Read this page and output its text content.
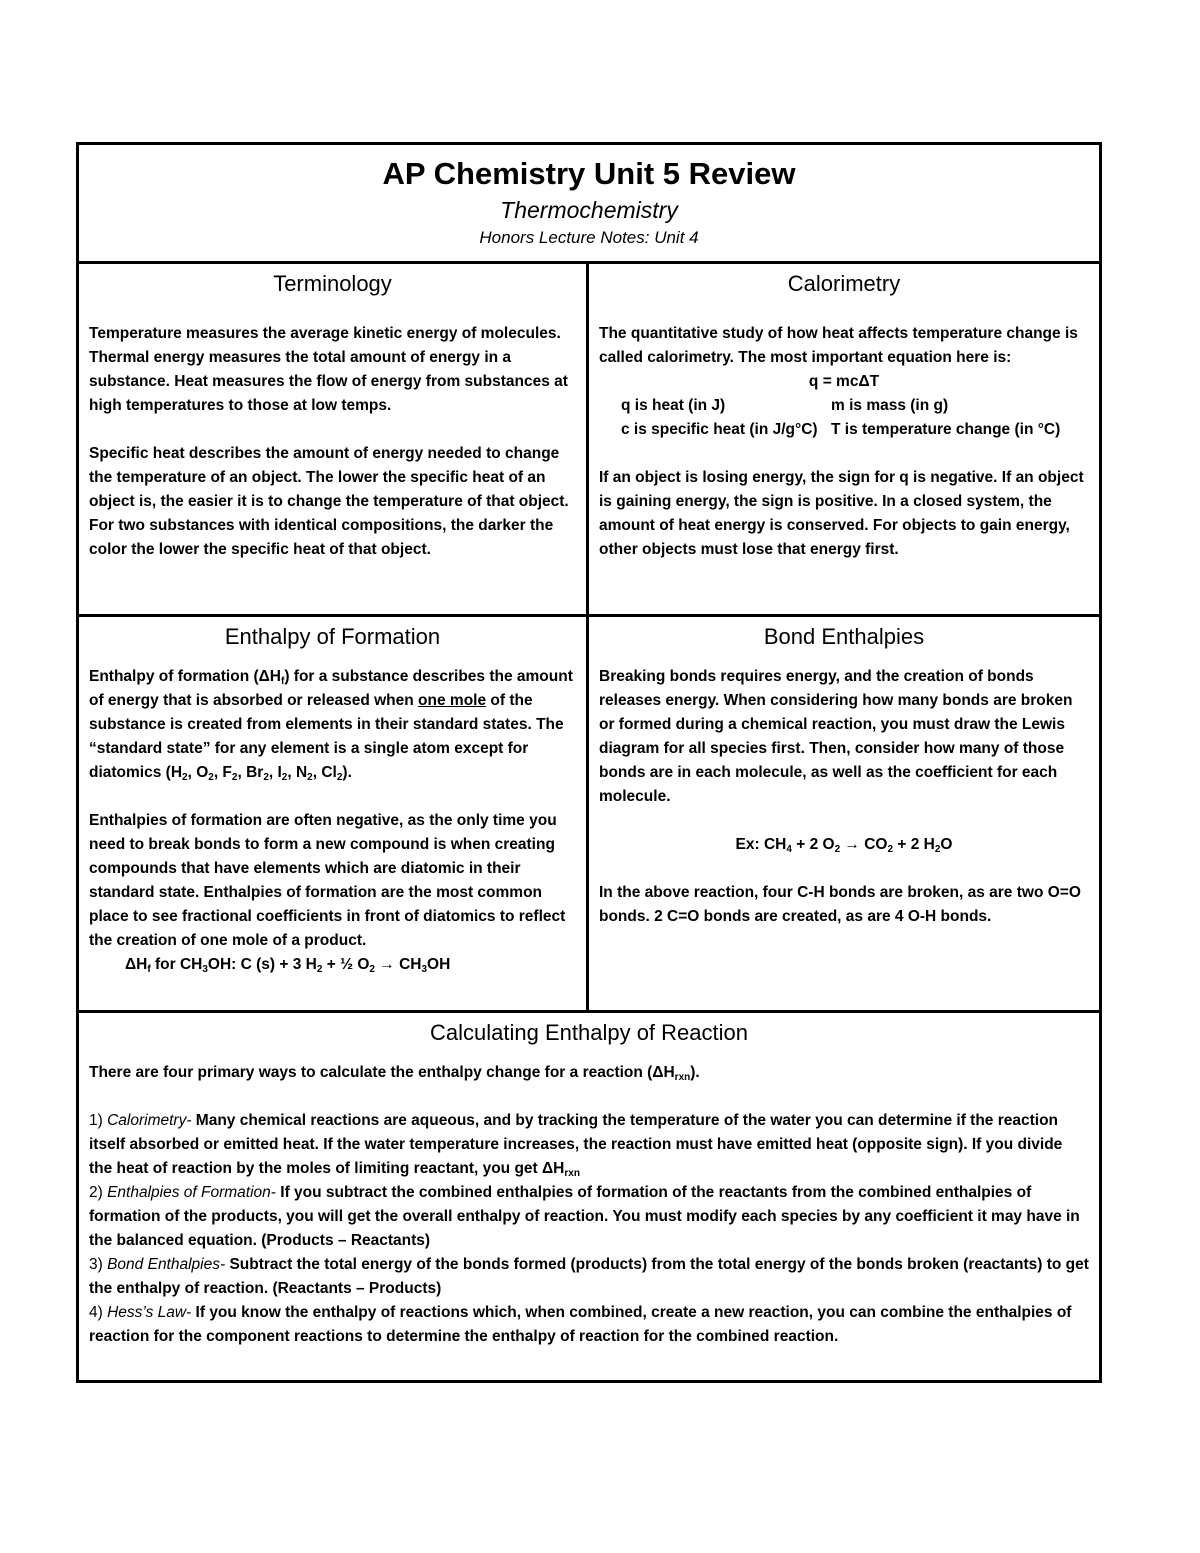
AP Chemistry Unit 5 Review
Thermochemistry
Honors Lecture Notes: Unit 4
Terminology

Temperature measures the average kinetic energy of molecules. Thermal energy measures the total amount of energy in a substance. Heat measures the flow of energy from substances at high temperatures to those at low temps.

Specific heat describes the amount of energy needed to change the temperature of an object. The lower the specific heat of an object is, the easier it is to change the temperature of that object. For two substances with identical compositions, the darker the color the lower the specific heat of that object.

Calorimetry

The quantitative study of how heat affects temperature change is called calorimetry. The most important equation here is:

q = mcΔT

q is heat (in J)	m is mass (in g)
c is specific heat (in J/g°C) T is temperature change (in °C)

If an object is losing energy, the sign for q is negative. If an object is gaining energy, the sign is positive. In a closed system, the amount of heat energy is conserved. For objects to gain energy, other objects must lose that energy first.

Enthalpy of Formation

Enthalpy of formation $(\Delta H_f)$ for a substance describes the amount of energy that is absorbed or released when one mole of the substance is created from elements in their standard states. The “standard state” for any element is a single atom except for diatomics ($H_2$, $O_2$, $F_2$, $Br_2$, $I_2$, $N_2$, $Cl_2$).

Enthalpies of formation are often negative, as the only time you need to break bonds to form a new compound is when creating compounds that have elements which are diatomic in their standard state. Enthalpies of formation are the most common place to see fractional coefficients in front of diatomics to reflect the creation of one mole of a product.

$\Delta H_f$ for $CH_3OH$: C (s) + 3 $H_2$ + ½ $O_2 \to CH_3OH$

Bond Enthalpies

Breaking bonds requires energy, and the creation of bonds releases energy. When considering how many bonds are broken or formed during a chemical reaction, you must draw the Lewis diagram for all species first. Then, consider how many of those bonds are in each molecule, as well as the coefficient for each molecule.

Ex: $CH_4 + 2$ $O_2 \to CO_2 + 2$ $H_2O$

In the above reaction, four C-H bonds are broken, as are two O=O bonds. 2 C=O bonds are created, as are 4 O-H bonds.

Calculating Enthalpy of Reaction

There are four primary ways to calculate the enthalpy change for a reaction $(\Delta H_{rxn})$.

1) Calorimetry- Many chemical reactions are aqueous, and by tracking the temperature of the water you can determine if the reaction itself absorbed or emitted heat. If the water temperature increases, the reaction must have emitted heat (opposite sign). If you divide the heat of reaction by the moles of limiting reactant, you get $\Delta H_{rxn}$

2) Enthalpies of Formation- If you subtract the combined enthalpies of formation of the reactants from the combined enthalpies of formation of the products, you will get the overall enthalpy of reaction. You must modify each species by any coefficient it may have in the balanced equation. (Products – Reactants)

3) Bond Enthalpies- Subtract the total energy of the bonds formed (products) from the total energy of the bonds broken (reactants) to get the enthalpy of reaction. (Reactants – Products)

4) Hess’s Law- If you know the enthalpy of reactions which, when combined, create a new reaction, you can combine the enthalpies of reaction for the component reactions to determine the enthalpy of reaction for the combined reaction.
